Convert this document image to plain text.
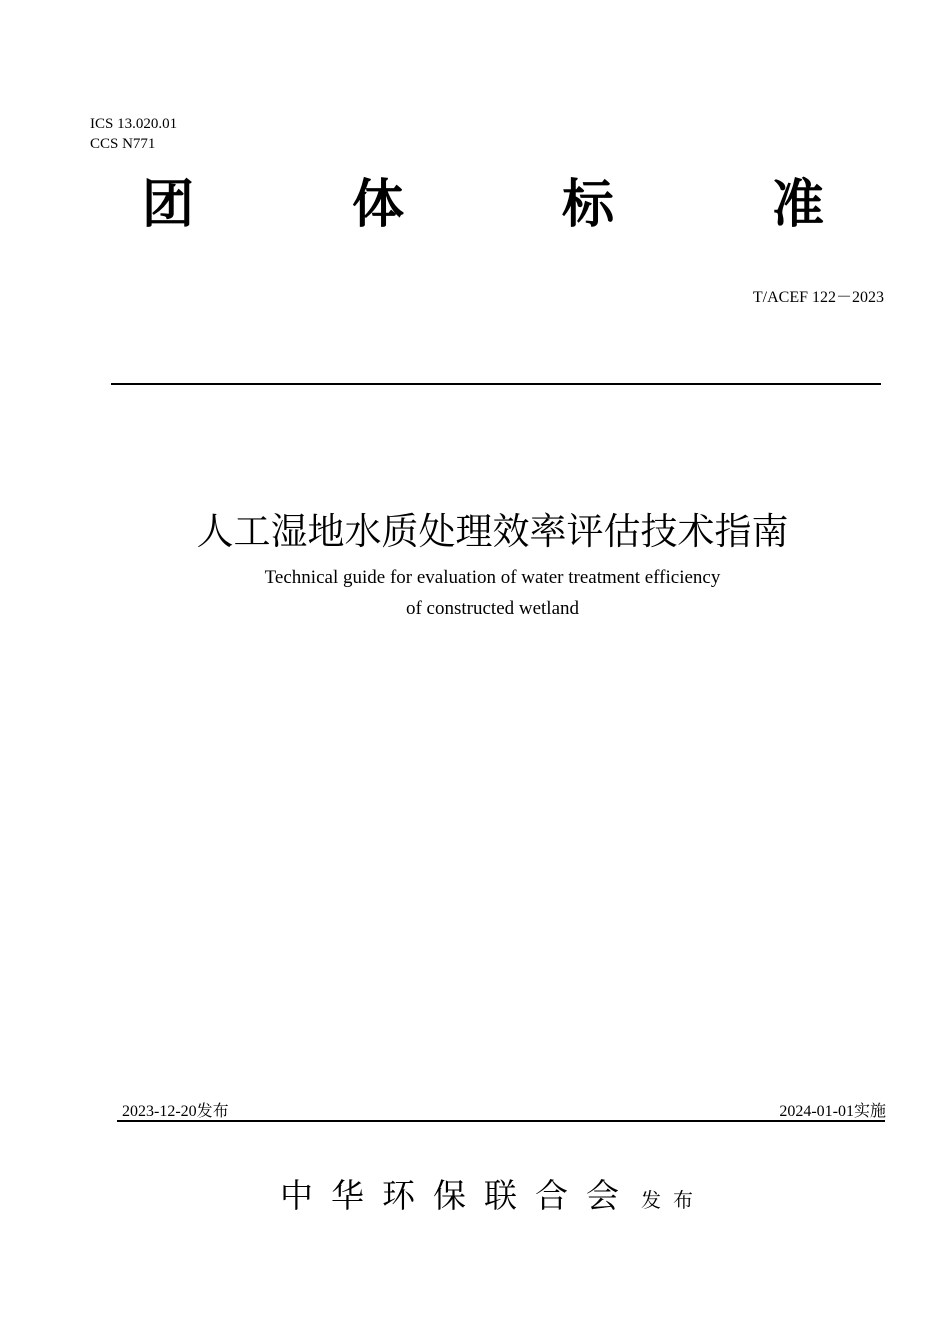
ICS 13.020.01
CCS N771
团	体	标	准
T/ACEF 122－2023
人工湿地水质处理效率评估技术指南
Technical guide for evaluation of water treatment efficiency
of constructed wetland
2023-12-20发布	2024-01-01实施
中华环保联合会 发布
